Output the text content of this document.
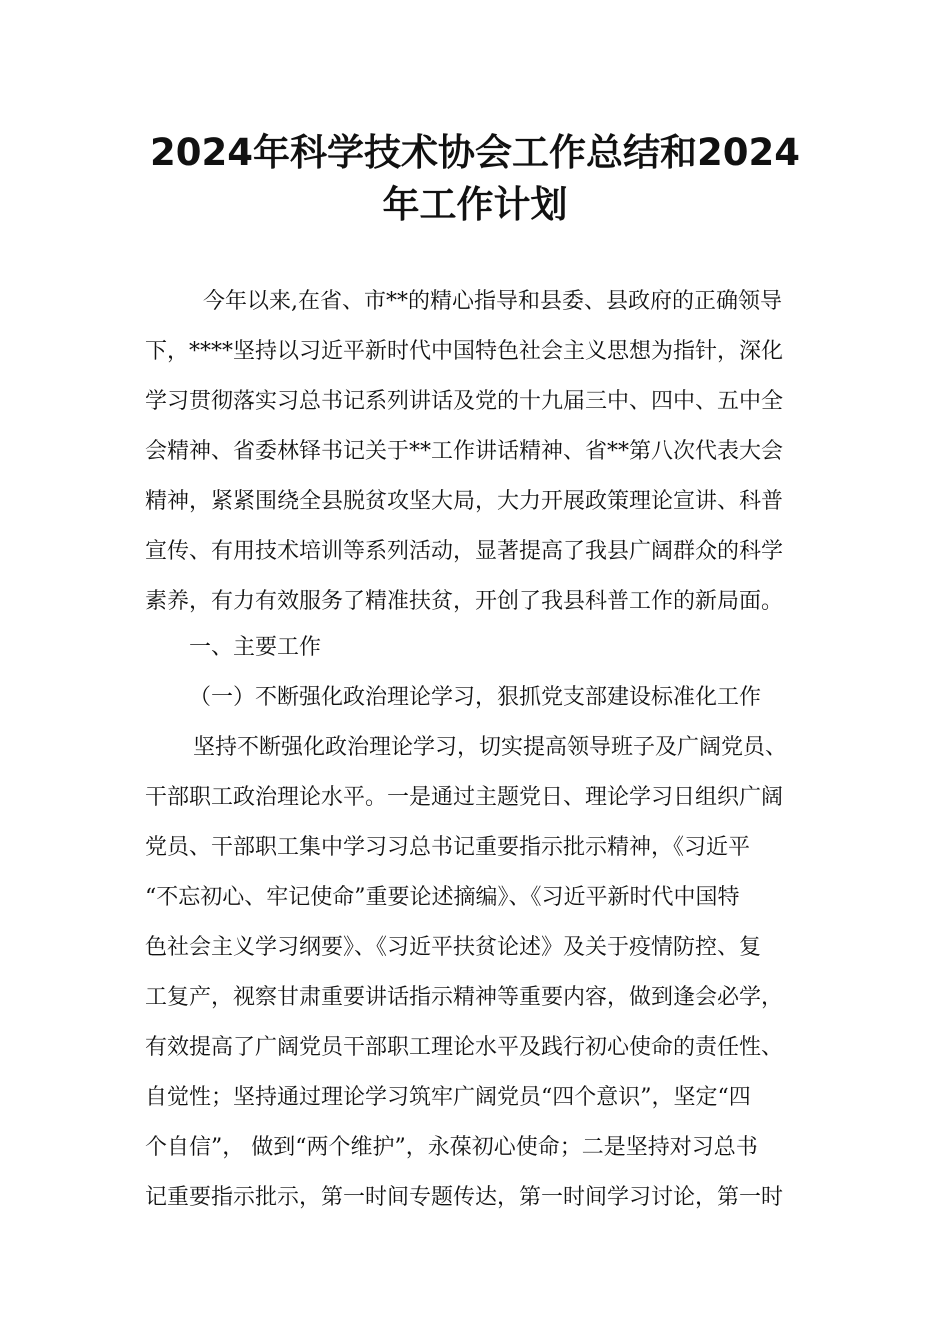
2024年科学技术协会工作总结和2024
年工作计划
今年以来,在省、市**的精心指导和县委、县政府的正确领导
下，****坚持以习近平新时代中国特色社会主义思想为指针，深化
学习贯彻落实习总书记系列讲话及党的十九届三中、四中、五中全
会精神、省委林铎书记关于**工作讲话精神、省**第八次代表大会
精神，紧紧围绕全县脱贫攻坚大局，大力开展政策理论宣讲、科普
宣传、有用技术培训等系列活动，显著提高了我县广阔群众的科学
素养，有力有效服务了精准扶贫，开创了我县科普工作的新局面。
一、主要工作
（一）不断强化政治理论学习，狠抓党支部建设标准化工作
坚持不断强化政治理论学习，切实提高领导班子及广阔党员、
干部职工政治理论水平。一是通过主题党日、理论学习日组织广阔
党员、干部职工集中学习习总书记重要指示批示精神，《习近平
“不忘初心、牢记使命”重要论述摘编》、《习近平新时代中国特
色社会主义学习纲要》、《习近平扶贫论述》及关于疫情防控、复
工复产，视察甘肃重要讲话指示精神等重要内容，做到逢会必学，
有效提高了广阔党员干部职工理论水平及践行初心使命的责任性、
自觉性；坚持通过理论学习筑牢广阔党员“四个意识”，坚定“四
个自信”， 做到“两个维护”，永葆初心使命；二是坚持对习总书
记重要指示批示，第一时间专题传达，第一时间学习讨论，第一时
